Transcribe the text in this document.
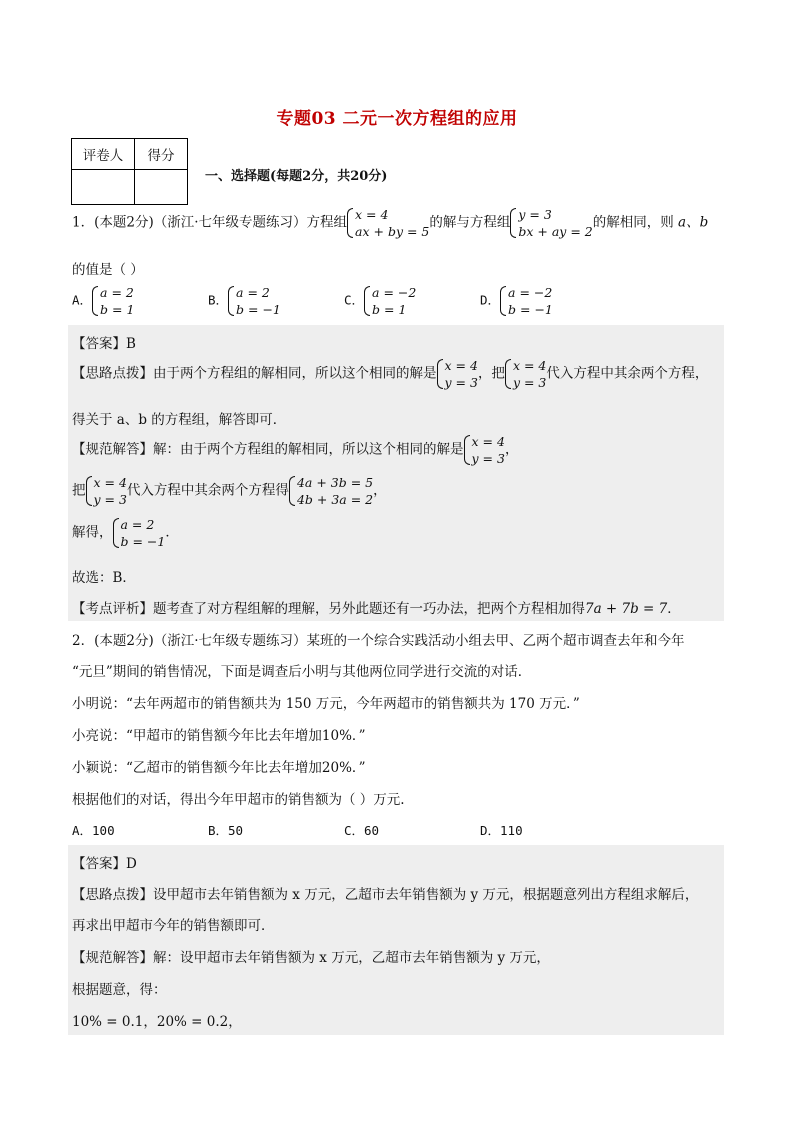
专题03 二元一次方程组的应用
评卷人	得分

一、选择题(每题2分，共20分)
1．(本题2分)（浙江·七年级专题练习）方程组 x = 4
ax + by = 5
的解与方程组 y = 3
bx + ay = 2
的解相同，则 a、b
的值是（ ）
A． a = 2
b = 1
B． a = 2
b = −1
C． a = −2
b = 1
D． a = −2
b = −1
【答案】B
【思路点拨】由于两个方程组的解相同，所以这个相同的解是 x = 4
y = 3
，把 x = 4
y = 3
代入方程中其余两个方程，
得关于 a、b 的方程组，解答即可．
【规范解答】解：由于两个方程组的解相同，所以这个相同的解是 x = 4
y = 3
，
把 x = 4
y = 3
代入方程中其余两个方程得 4a + 3b = 5
4b + 3a = 2
，
解得， a = 2
b = −1
．
故选：B．
【考点评析】题考查了对方程组解的理解，另外此题还有一巧办法，把两个方程相加得7a + 7b = 7．
2．(本题2分)（浙江·七年级专题练习）某班的一个综合实践活动小组去甲、乙两个超市调查去年和今年
“元旦”期间的销售情况，下面是调查后小明与其他两位同学进行交流的对话．
小明说：“去年两超市的销售额共为 150 万元，今年两超市的销售额共为 170 万元．”
小亮说：“甲超市的销售额今年比去年增加10%．”
小颖说：“乙超市的销售额今年比去年增加20%．”
根据他们的对话，得出今年甲超市的销售额为（ ）万元.
A．100	B．50	C．60	D．110
【答案】D
【思路点拨】设甲超市去年销售额为 x 万元，乙超市去年销售额为 y 万元，根据题意列出方程组求解后，
再求出甲超市今年的销售额即可．
【规范解答】解：设甲超市去年销售额为 x 万元，乙超市去年销售额为 y 万元，
根据题意，得：
10% = 0.1，20% = 0.2，
